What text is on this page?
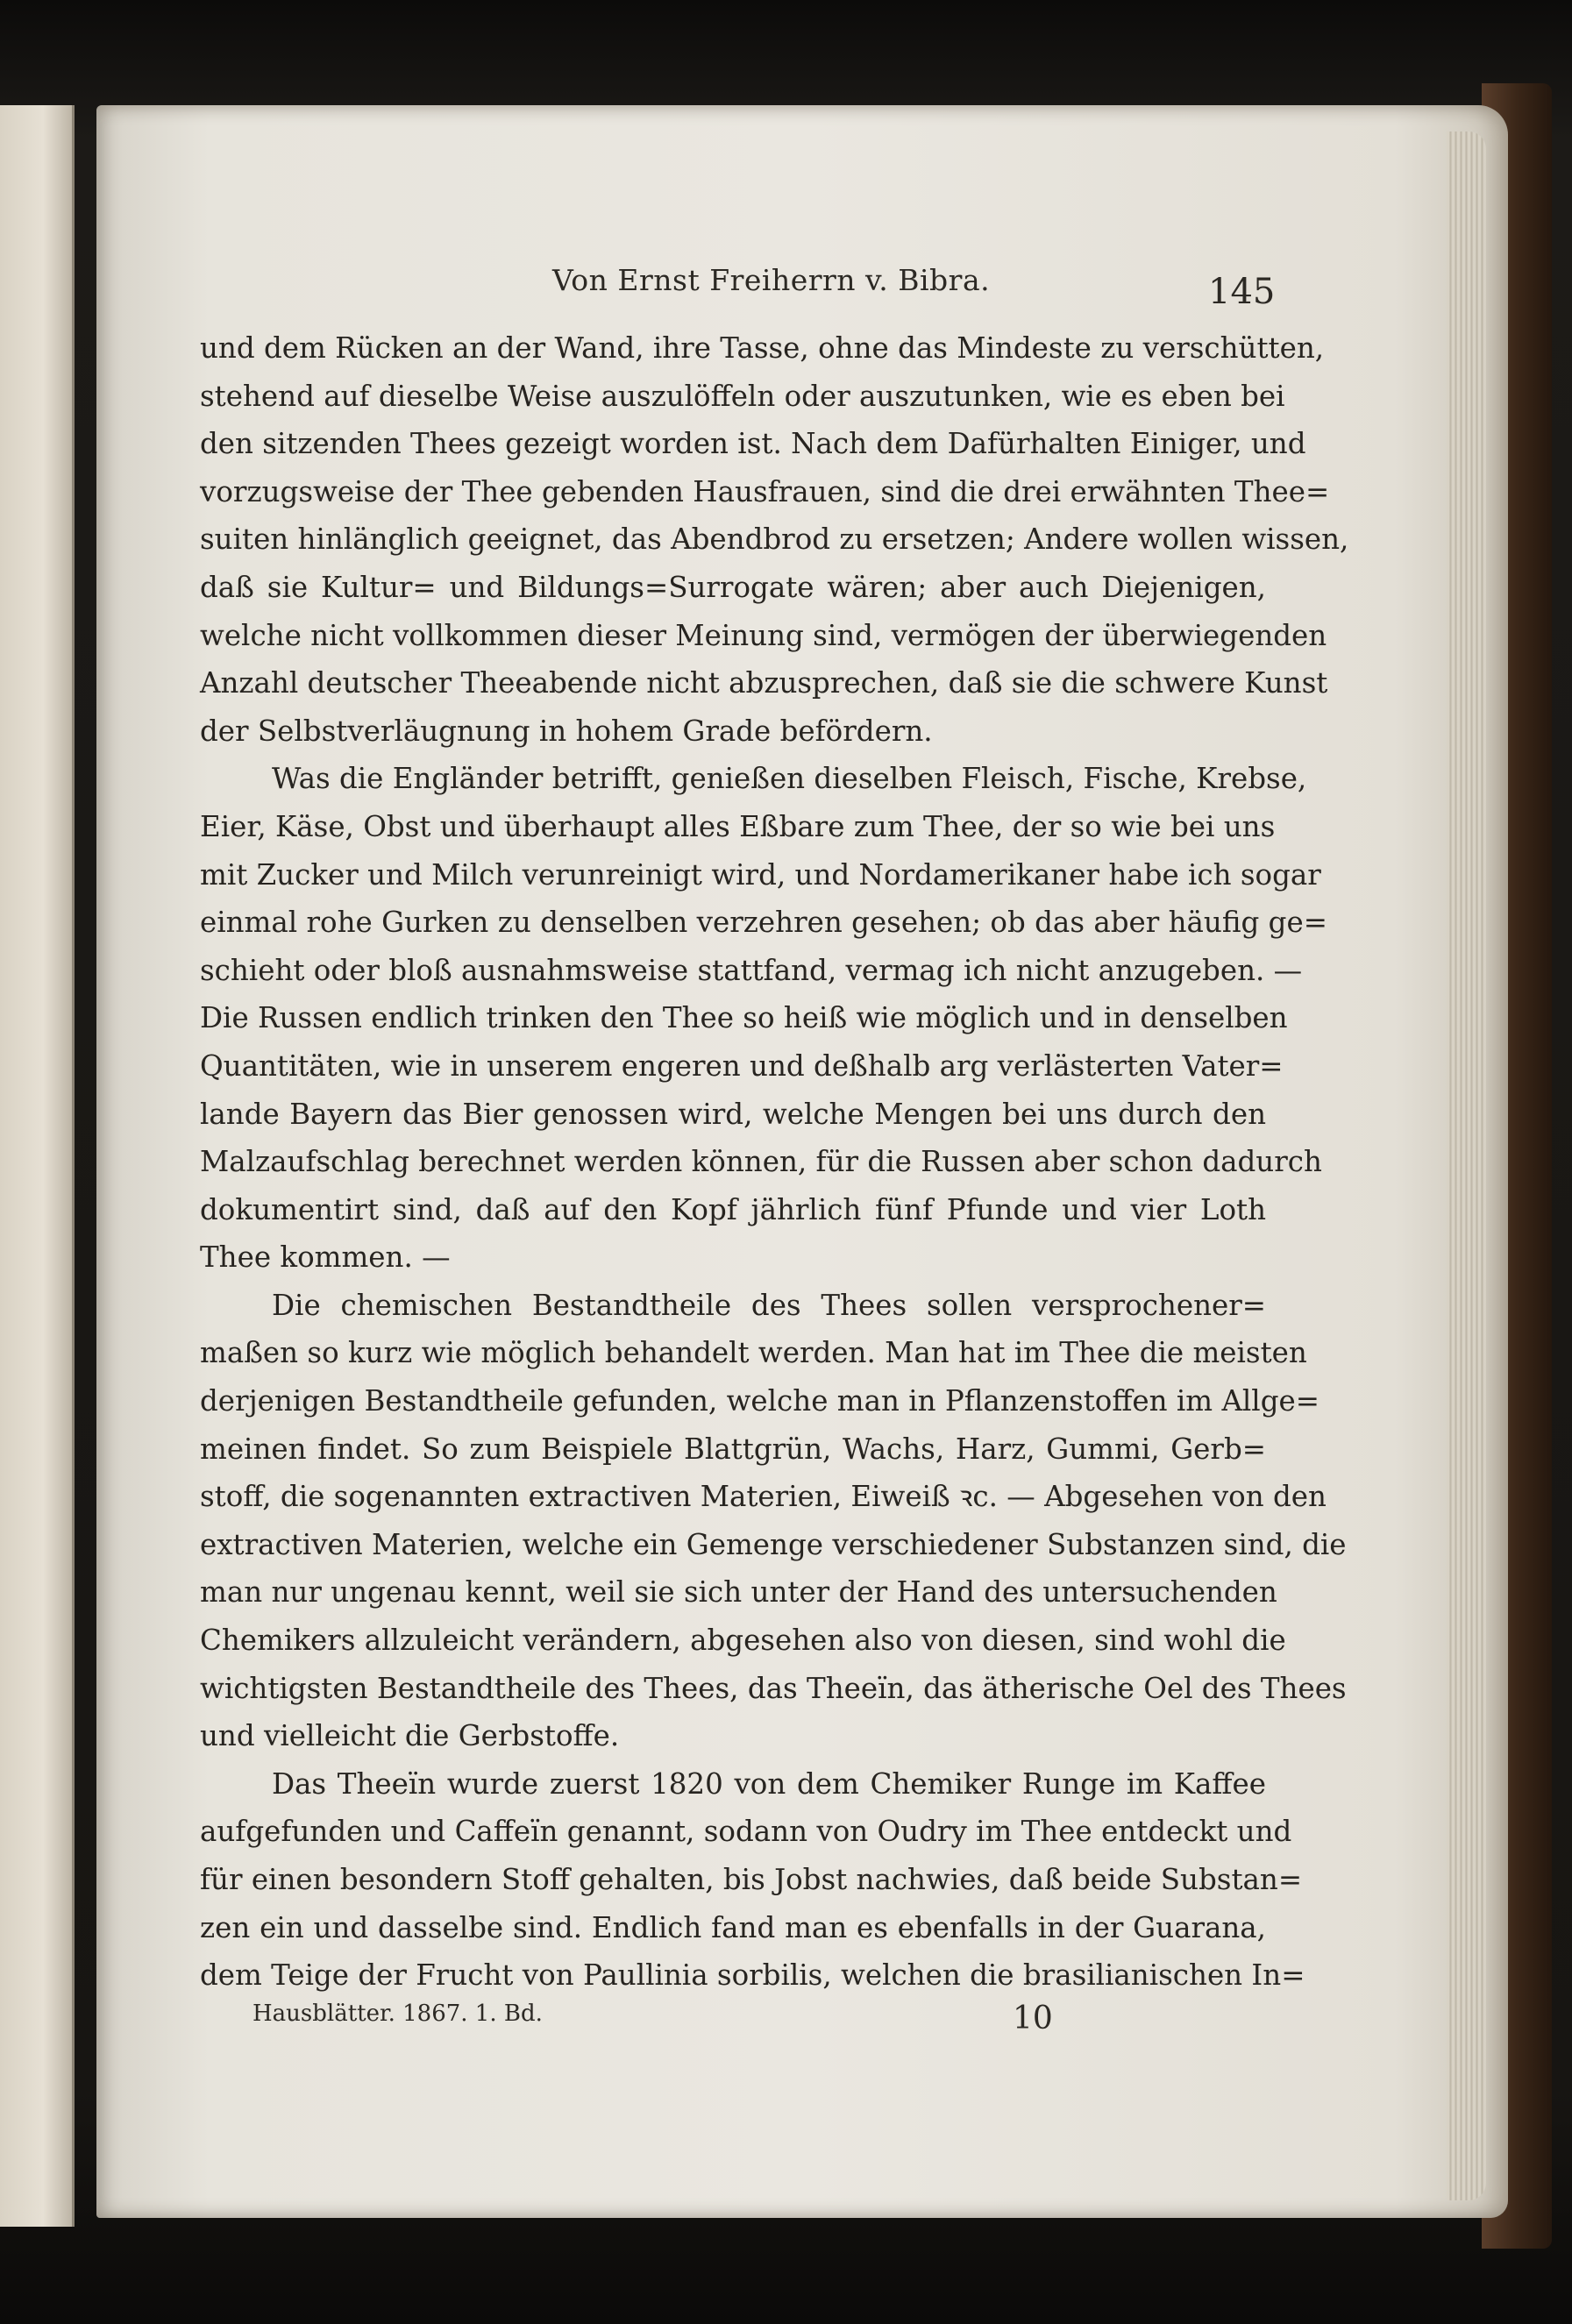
Von Ernst Freiherrn v. Bibra.	145
und dem Rücken an der Wand, ihre Tasse, ohne das Mindeste zu verschütten,
stehend auf dieselbe Weise auszulöffeln oder auszutunken, wie es eben bei
den sitzenden Thees gezeigt worden ist. Nach dem Dafürhalten Einiger, und
vorzugsweise der Thee gebenden Hausfrauen, sind die drei erwähnten Thee=
suiten hinlänglich geeignet, das Abendbrod zu ersetzen; Andere wollen wissen,
daß sie Kultur= und Bildungs=Surrogate wären; aber auch Diejenigen,
welche nicht vollkommen dieser Meinung sind, vermögen der überwiegenden
Anzahl deutscher Theeabende nicht abzusprechen, daß sie die schwere Kunst
der Selbstverläugnung in hohem Grade befördern.
Was die Engländer betrifft, genießen dieselben Fleisch, Fische, Krebse,
Eier, Käse, Obst und überhaupt alles Eßbare zum Thee, der so wie bei uns
mit Zucker und Milch verunreinigt wird, und Nordamerikaner habe ich sogar
einmal rohe Gurken zu denselben verzehren gesehen; ob das aber häufig ge=
schieht oder bloß ausnahmsweise stattfand, vermag ich nicht anzugeben. —
Die Russen endlich trinken den Thee so heiß wie möglich und in denselben
Quantitäten, wie in unserem engeren und deßhalb arg verlästerten Vater=
lande Bayern das Bier genossen wird, welche Mengen bei uns durch den
Malzaufschlag berechnet werden können, für die Russen aber schon dadurch
dokumentirt sind, daß auf den Kopf jährlich fünf Pfunde und vier Loth
Thee kommen. —
Die chemischen Bestandtheile des Thees sollen versprochener=
maßen so kurz wie möglich behandelt werden. Man hat im Thee die meisten
derjenigen Bestandtheile gefunden, welche man in Pflanzenstoffen im Allge=
meinen findet. So zum Beispiele Blattgrün, Wachs, Harz, Gummi, Gerb=
stoff, die sogenannten extractiven Materien, Eiweiß ꝛc. — Abgesehen von den
extractiven Materien, welche ein Gemenge verschiedener Substanzen sind, die
man nur ungenau kennt, weil sie sich unter der Hand des untersuchenden
Chemikers allzuleicht verändern, abgesehen also von diesen, sind wohl die
wichtigsten Bestandtheile des Thees, das Theeïn, das ätherische Oel des Thees
und vielleicht die Gerbstoffe.
Das Theeïn wurde zuerst 1820 von dem Chemiker Runge im Kaffee
aufgefunden und Caffeïn genannt, sodann von Oudry im Thee entdeckt und
für einen besondern Stoff gehalten, bis Jobst nachwies, daß beide Substan=
zen ein und dasselbe sind. Endlich fand man es ebenfalls in der Guarana,
dem Teige der Frucht von Paullinia sorbilis, welchen die brasilianischen In=
Hausblätter. 1867. 1. Bd.	10
